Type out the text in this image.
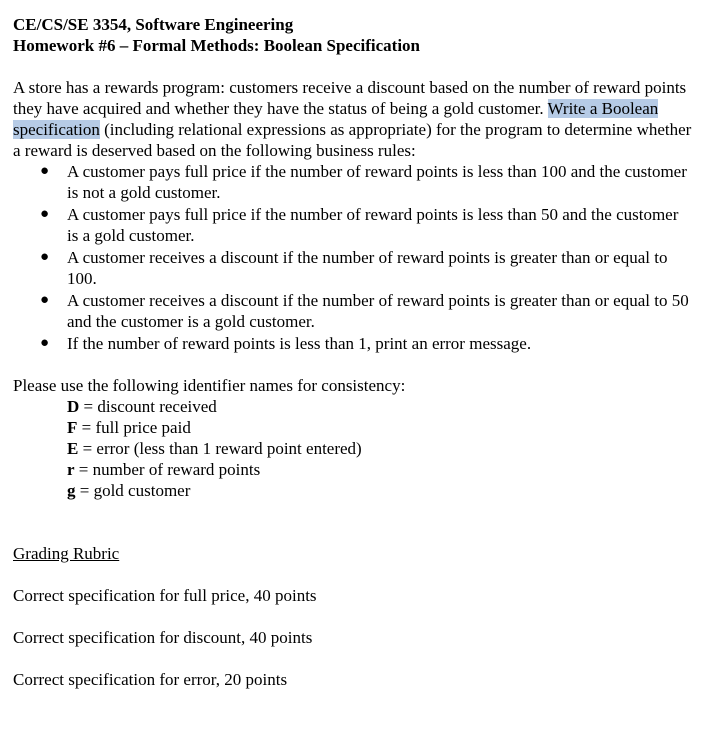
CE/CS/SE 3354, Software Engineering
Homework #6 – Formal Methods: Boolean Specification
A store has a rewards program: customers receive a discount based on the number of reward points they have acquired and whether they have the status of being a gold customer. Write a Boolean specification (including relational expressions as appropriate) for the program to determine whether a reward is deserved based on the following business rules:
● A customer pays full price if the number of reward points is less than 100 and the customer is not a gold customer.
● A customer pays full price if the number of reward points is less than 50 and the customer is a gold customer.
● A customer receives a discount if the number of reward points is greater than or equal to 100.
● A customer receives a discount if the number of reward points is greater than or equal to 50 and the customer is a gold customer.
● If the number of reward points is less than 1, print an error message.
Please use the following identifier names for consistency:
D = discount received
F = full price paid
E = error (less than 1 reward point entered)
r = number of reward points
g = gold customer
Grading Rubric
Correct specification for full price, 40 points
Correct specification for discount, 40 points
Correct specification for error, 20 points
